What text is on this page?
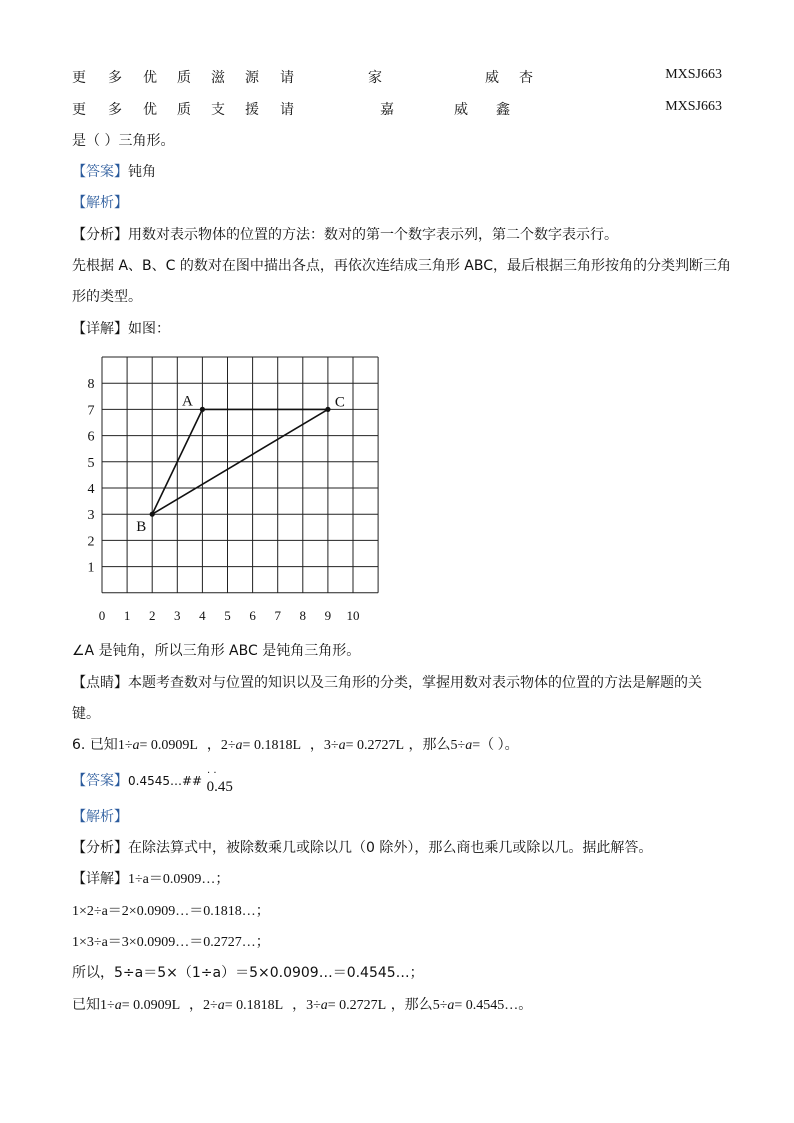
更 多 优 质 滋 源 请	家	威 杏	MXSJ663
更 多 优 质 支 援 请	嘉	威 鑫	MXSJ663
是（ ）三角形。
【答案】钝角
【解析】
【分析】用数对表示物体的位置的方法：数对的第一个数字表示列，第二个数字表示行。
先根据 A、B、C 的数对在图中描出各点，再依次连结成三角形 ABC，最后根据三角形按角的分类判断三角
形的类型。
【详解】如图：
0 1 2 3 4 5 6 7 8 9 10
1
2
3
4
5
6
7
8
A
B
C
∠A 是钝角，所以三角形 ABC 是钝角三角形。
【点睛】本题考查数对与位置的知识以及三角形的分类，掌握用数对表示物体的位置的方法是解题的关
键。
6. 已知1÷a= 0.0909L  ，2÷a= 0.1818L  ，3÷a= 0.2727L ，那么5÷a=（ ）。
【答案】0.4545…## 0.45
· ·
【解析】
【分析】在除法算式中，被除数乘几或除以几（0 除外），那么商也乘几或除以几。据此解答。
【详解】1÷a＝0.0909…；
1×2÷a＝2×0.0909…＝0.1818…；
1×3÷a＝3×0.0909…＝0.2727…；
所以，5÷a＝5×（1÷a）＝5×0.0909…＝0.4545…；
已知1÷a= 0.0909L  ，2÷a= 0.1818L  ，3÷a= 0.2727L ，那么5÷a= 0.4545…。
